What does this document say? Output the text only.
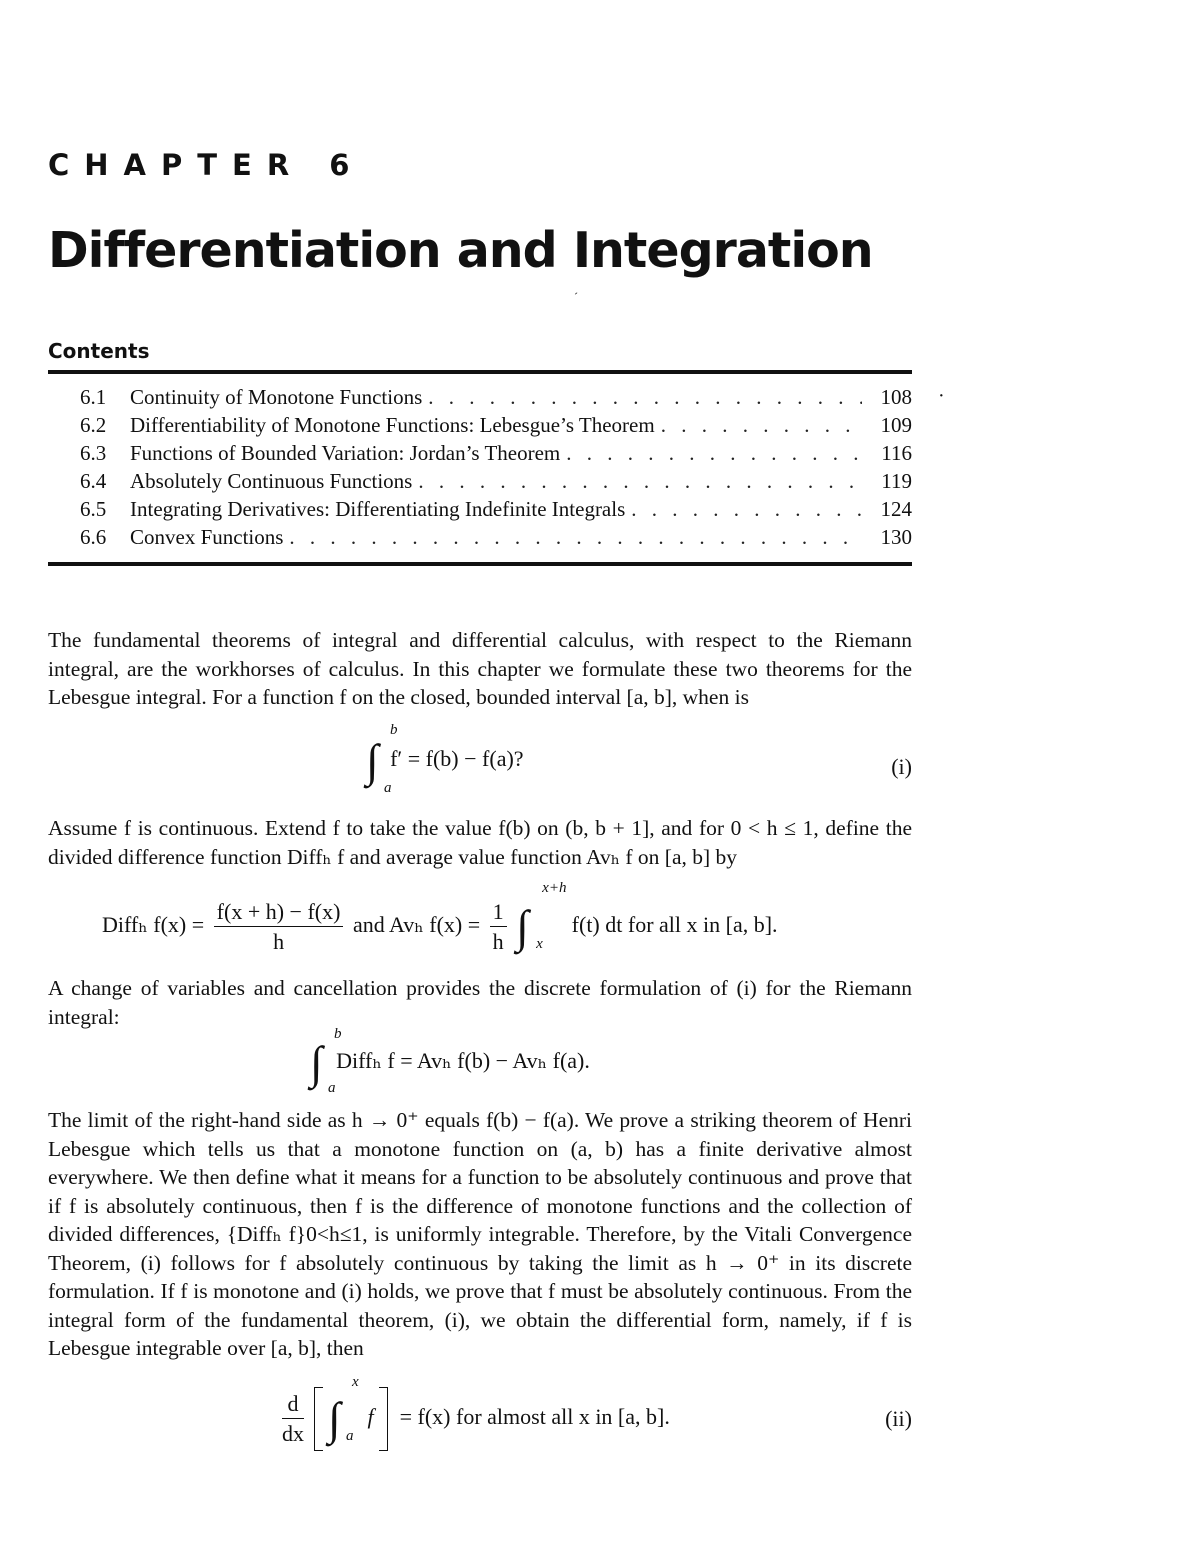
CHAPTER 6
Differentiation and Integration
´
Contents
6.1	Continuity of Monotone Functions . . .	108
6.2	Differentiability of Monotone Functions: Lebesgue’s Theorem . . .	109
6.3	Functions of Bounded Variation: Jordan’s Theorem . . .	116
6.4	Absolutely Continuous Functions . . .	119
6.5	Integrating Derivatives: Differentiating Indefinite Integrals . . .	124
6.6	Convex Functions . . .	130
·
The fundamental theorems of integral and differential calculus, with respect to the Riemann integral, are the workhorses of calculus. In this chapter we formulate these two theorems for the Lebesgue integral. For a function f on the closed, bounded interval [a, b], when is
∫
b
a
f′ = f(b) − f(a)?	(i)
Assume f is continuous. Extend f to take the value f(b) on (b, b + 1], and for 0 < h ≤ 1, define the divided difference function Diffₕ f and average value function Avₕ f on [a, b] by
Diffₕ $f(x) = \frac{f(x + h) - f(x)}{h}$ and Avₕ $f(x) = \frac{1}{h}$ ∫
x+h
x
f(t) dt for all x in [a, b].
A change of variables and cancellation provides the discrete formulation of (i) for the Riemann integral:
∫
b
a
Diffₕ f = Avₕ f(b) − Avₕ f(a).
The limit of the right-hand side as h → 0⁺ equals f(b) − f(a). We prove a striking theorem of Henri Lebesgue which tells us that a monotone function on (a, b) has a finite derivative almost everywhere. We then define what it means for a function to be absolutely continuous and prove that if f is absolutely continuous, then f is the difference of monotone functions and the collection of divided differences, {Diffₕ f}0<h≤1, is uniformly integrable. Therefore, by the Vitali Convergence Theorem, (i) follows for f absolutely continuous by taking the limit as h → 0⁺ in its discrete formulation. If f is monotone and (i) holds, we prove that f must be absolutely continuous. From the integral form of the fundamental theorem, (i), we obtain the differential form, namely, if f is Lebesgue integrable over [a, b], then
$\frac{d}{dx}$ ∫
x
a
f = f(x) for almost all x in [a, b].	(ii)
